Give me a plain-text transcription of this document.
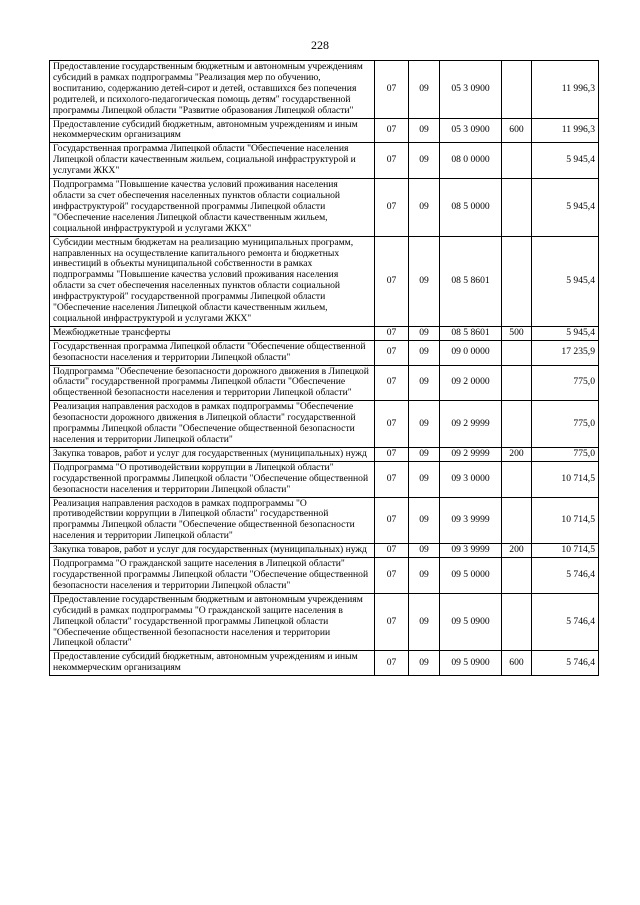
228
Предоставление государственным бюджетным и автономным учреждениям субсидий в рамках подпрограммы "Реализация мер по обучению, воспитанию, содержанию детей-сирот и детей, оставшихся без попечения родителей, и психолого-педагогическая помощь детям" государственной программы Липецкой области "Развитие образования Липецкой области"	07	09	05 3 0900		11 996,3
Предоставление субсидий бюджетным, автономным учреждениям и иным некоммерческим организациям	07	09	05 3 0900	600	11 996,3
Государственная программа Липецкой области "Обеспечение населения Липецкой области качественным жильем, социальной инфраструктурой и услугами ЖКХ"	07	09	08 0 0000		5 945,4
Подпрограмма "Повышение качества условий проживания населения области за счет обеспечения населенных пунктов области социальной инфраструктурой" государственной программы Липецкой области "Обеспечение населения Липецкой области качественным жильем, социальной инфраструктурой и услугами ЖКХ"	07	09	08 5 0000		5 945,4
Субсидии местным бюджетам на реализацию муниципальных программ, направленных на осуществление капитального ремонта и бюджетных инвестиций в объекты муниципальной собственности в рамках подпрограммы "Повышение качества условий проживания населения области за счет обеспечения населенных пунктов области социальной инфраструктурой" государственной программы Липецкой области "Обеспечение населения Липецкой области качественным жильем, социальной инфраструктурой и услугами ЖКХ"	07	09	08 5 8601		5 945,4
Межбюджетные трансферты	07	09	08 5 8601	500	5 945,4
Государственная программа Липецкой области "Обеспечение общественной безопасности населения и территории Липецкой области"	07	09	09 0 0000		17 235,9
Подпрограмма "Обеспечение безопасности дорожного движения в Липецкой области" государственной программы Липецкой области "Обеспечение общественной безопасности населения и территории Липецкой области"	07	09	09 2 0000		775,0
Реализация направления расходов в рамках подпрограммы "Обеспечение безопасности дорожного движения в Липецкой области" государственной программы Липецкой области "Обеспечение общественной безопасности населения и территории Липецкой области"	07	09	09 2 9999		775,0
Закупка товаров, работ и услуг для государственных (муниципальных) нужд	07	09	09 2 9999	200	775,0
Подпрограмма "О противодействии коррупции в Липецкой области" государственной программы Липецкой области "Обеспечение общественной безопасности населения и территории Липецкой области"	07	09	09 3 0000		10 714,5
Реализация направления расходов в рамках подпрограммы "О противодействии коррупции в Липецкой области" государственной программы Липецкой области "Обеспечение общественной безопасности населения и территории Липецкой области"	07	09	09 3 9999		10 714,5
Закупка товаров, работ и услуг для государственных (муниципальных) нужд	07	09	09 3 9999	200	10 714,5
Подпрограмма "О гражданской защите населения в Липецкой области" государственной программы Липецкой области "Обеспечение общественной безопасности населения и территории Липецкой области"	07	09	09 5 0000		5 746,4
Предоставление государственным бюджетным и автономным учреждениям субсидий в рамках подпрограммы "О гражданской защите населения в Липецкой области" государственной программы Липецкой области "Обеспечение общественной безопасности населения и территории Липецкой области"	07	09	09 5 0900		5 746,4
Предоставление субсидий бюджетным, автономным учреждениям и иным некоммерческим организациям	07	09	09 5 0900	600	5 746,4
